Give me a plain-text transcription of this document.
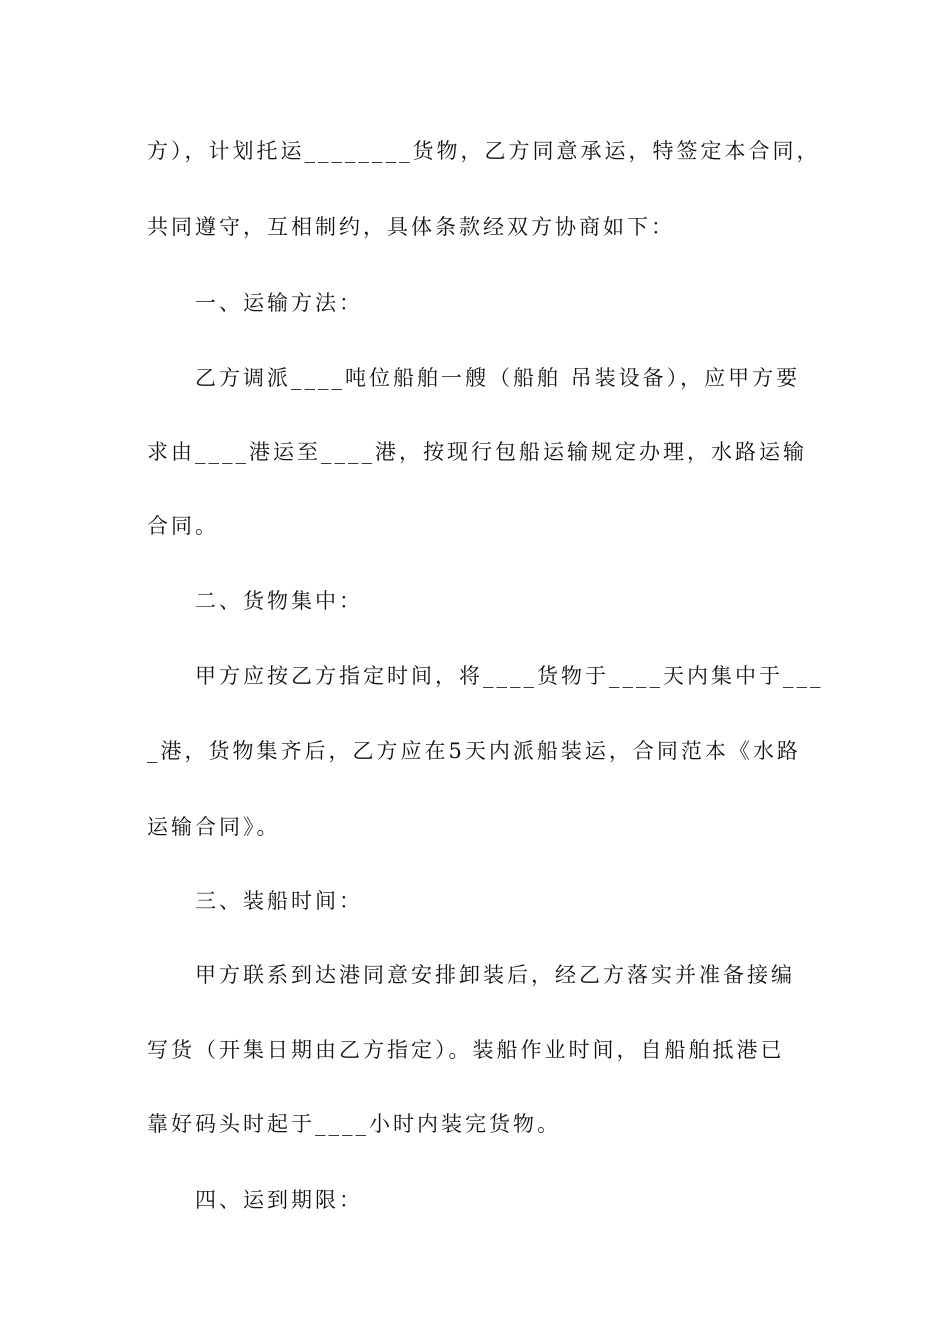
方），计划托运________货物，乙方同意承运，特签定本合同，

共同遵守，互相制约，具体条款经双方协商如下：

一、运输方法：

乙方调派____吨位船舶一艘（船舶 吊装设备），应甲方要

求由____港运至____港，按现行包船运输规定办理，水路运输

合同。

二、货物集中：

甲方应按乙方指定时间，将____货物于____天内集中于___

_港，货物集齐后，乙方应在5天内派船装运，合同范本《水路

运输合同》。

三、装船时间：

甲方联系到达港同意安排卸装后，经乙方落实并准备接编

写货（开集日期由乙方指定）。装船作业时间，自船舶抵港已

靠好码头时起于____小时内装完货物。

四、运到期限：
